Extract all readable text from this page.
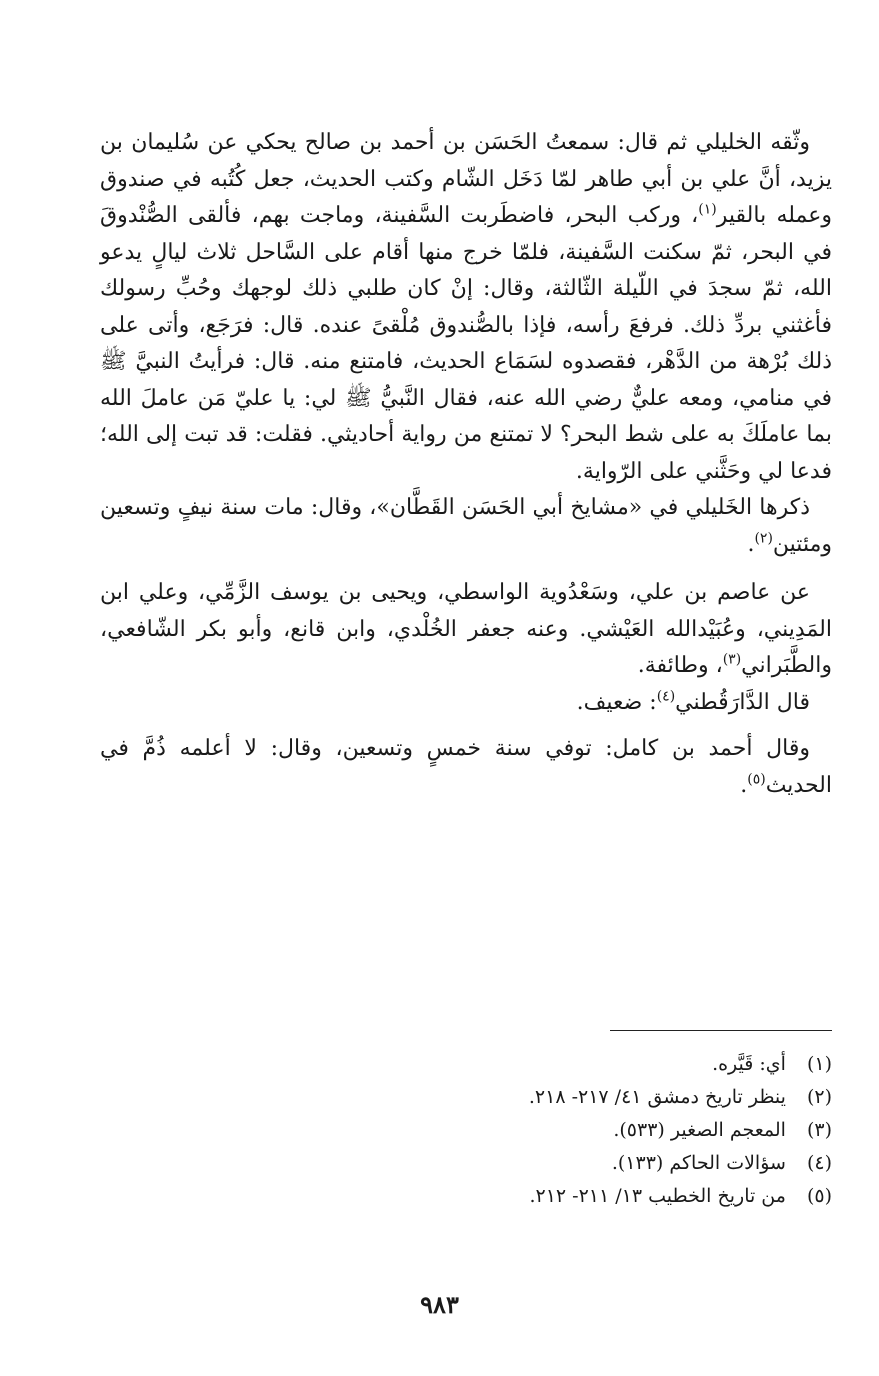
وثّقه الخليلي ثم قال: سمعتُ الحَسَن بن أحمد بن صالح يحكي عن سُليمان بن يزيد، أنَّ علي بن أبي طاهر لمّا دَخَل الشّام وكتب الحديث، جعل كُتُبه في صندوق وعمله بالقير$^{(١)}$، وركب البحر، فاضطَربت السَّفينة، وماجت بهم، فألقى الصُّنْدوقَ في البحر، ثمّ سكنت السَّفينة، فلمّا خرج منها أقام على السَّاحل ثلاث ليالٍ يدعو الله، ثمّ سجدَ في اللّيلة الثّالثة، وقال: إنْ كان طلبي ذلك لوجهك وحُبِّ رسولك فأغثني بردِّ ذلك. فرفعَ رأسه، فإذا بالصُّندوق مُلْقىً عنده. قال: فرَجَع، وأتى على ذلك بُرْهة من الدَّهْر، فقصدوه لسَمَاع الحديث، فامتنع منه. قال: فرأيتُ النبيَّ ﷺ في منامي، ومعه عليٌّ رضي الله عنه، فقال النَّبيُّ ﷺ لي: يا عليّ مَن عاملَ الله بما عاملَكَ به على شط البحر؟ لا تمتنع من رواية أحاديثي. فقلت: قد تبت إلى الله؛ فدعا لي وحَثَّني على الرّواية.

ذكرها الخَليلي في «مشايخ أبي الحَسَن القَطَّان»، وقال: مات سنة نيفٍ وتسعين ومئتين$^{(٢)}$.

عن عاصم بن علي، وسَعْدُوية الواسطي، ويحيى بن يوسف الزَّمِّي، وعلي ابن المَدِيني، وعُبَيْدالله العَيْشي. وعنه جعفر الخُلْدي، وابن قانع، وأبو بكر الشّافعي، والطَّبَراني$^{(٣)}$، وطائفة.

قال الدَّارَقُطني$^{(٤)}$: ضعيف.

وقال أحمد بن كامل: توفي سنة خمسٍ وتسعين، وقال: لا أعلمه ذُمَّ في الحديث$^{(٥)}$.

(١) أي: قَيَّره.
(٢) ينظر تاريخ دمشق ٤١/ ٢١٧- ٢١٨.
(٣) المعجم الصغير (٥٣٣).
(٤) سؤالات الحاكم (١٣٣).
(٥) من تاريخ الخطيب ١٣/ ٢١١- ٢١٢.
٩٨٣
